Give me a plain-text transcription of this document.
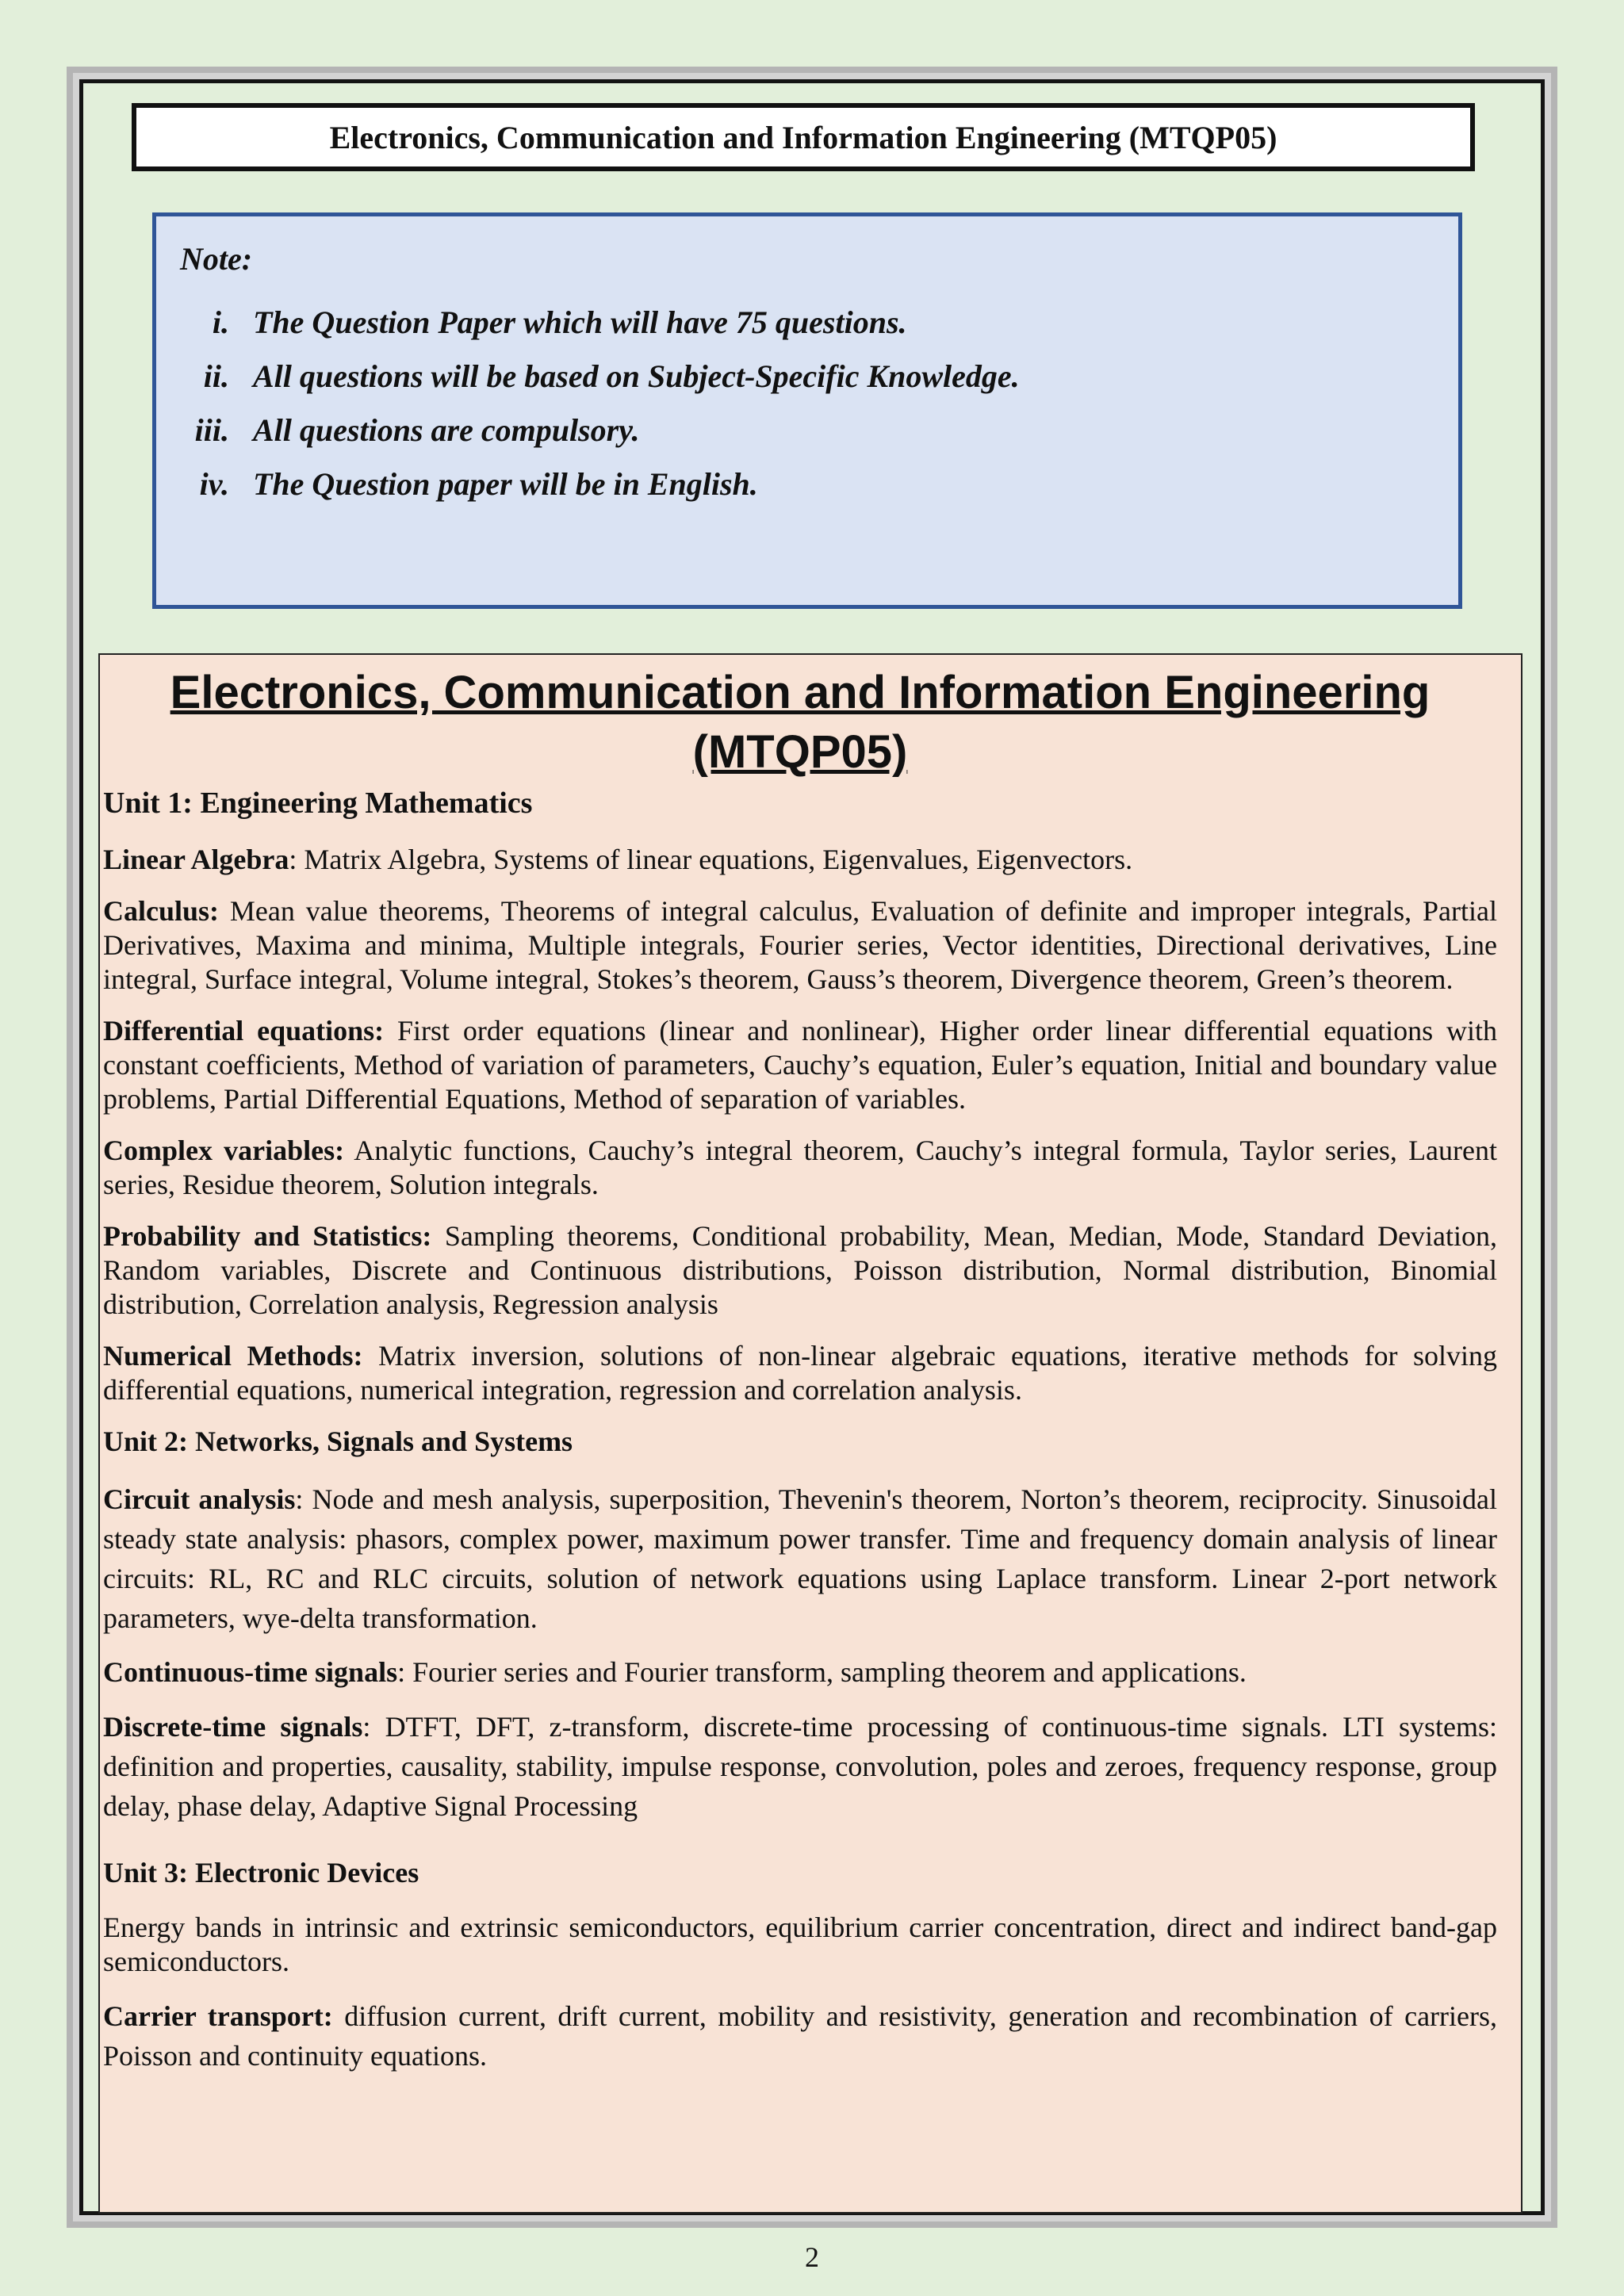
Electronics, Communication and Information Engineering (MTQP05)
Note:
i. The Question Paper which will have 75 questions.
ii. All questions will be based on Subject-Specific Knowledge.
iii. All questions are compulsory.
iv. The Question paper will be in English.
Electronics, Communication and Information Engineering (MTQP05)
Unit 1: Engineering Mathematics

Linear Algebra: Matrix Algebra, Systems of linear equations, Eigenvalues, Eigenvectors.

Calculus: Mean value theorems, Theorems of integral calculus, Evaluation of definite and improper integrals, Partial Derivatives, Maxima and minima, Multiple integrals, Fourier series, Vector identities, Directional derivatives, Line integral, Surface integral, Volume integral, Stokes’s theorem, Gauss’s theorem, Divergence theorem, Green’s theorem.

Differential equations: First order equations (linear and nonlinear), Higher order linear differential equations with constant coefficients, Method of variation of parameters, Cauchy’s equation, Euler’s equation, Initial and boundary value problems, Partial Differential Equations, Method of separation of variables.

Complex variables: Analytic functions, Cauchy’s integral theorem, Cauchy’s integral formula, Taylor series, Laurent series, Residue theorem, Solution integrals.

Probability and Statistics: Sampling theorems, Conditional probability, Mean, Median, Mode, Standard Deviation, Random variables, Discrete and Continuous distributions, Poisson distribution, Normal distribution, Binomial distribution, Correlation analysis, Regression analysis

Numerical Methods: Matrix inversion, solutions of non-linear algebraic equations, iterative methods for solving differential equations, numerical integration, regression and correlation analysis.

Unit 2: Networks, Signals and Systems

Circuit analysis: Node and mesh analysis, superposition, Thevenin's theorem, Norton’s theorem, reciprocity. Sinusoidal steady state analysis: phasors, complex power, maximum power transfer. Time and frequency domain analysis of linear circuits: RL, RC and RLC circuits, solution of network equations using Laplace transform. Linear 2-port network parameters, wye-delta transformation.

Continuous-time signals: Fourier series and Fourier transform, sampling theorem and applications.

Discrete-time signals: DTFT, DFT, z-transform, discrete-time processing of continuous-time signals. LTI systems: definition and properties, causality, stability, impulse response, convolution, poles and zeroes, frequency response, group delay, phase delay, Adaptive Signal Processing

Unit 3: Electronic Devices

Energy bands in intrinsic and extrinsic semiconductors, equilibrium carrier concentration, direct and indirect band-gap semiconductors.

Carrier transport: diffusion current, drift current, mobility and resistivity, generation and recombination of carriers, Poisson and continuity equations.

2
